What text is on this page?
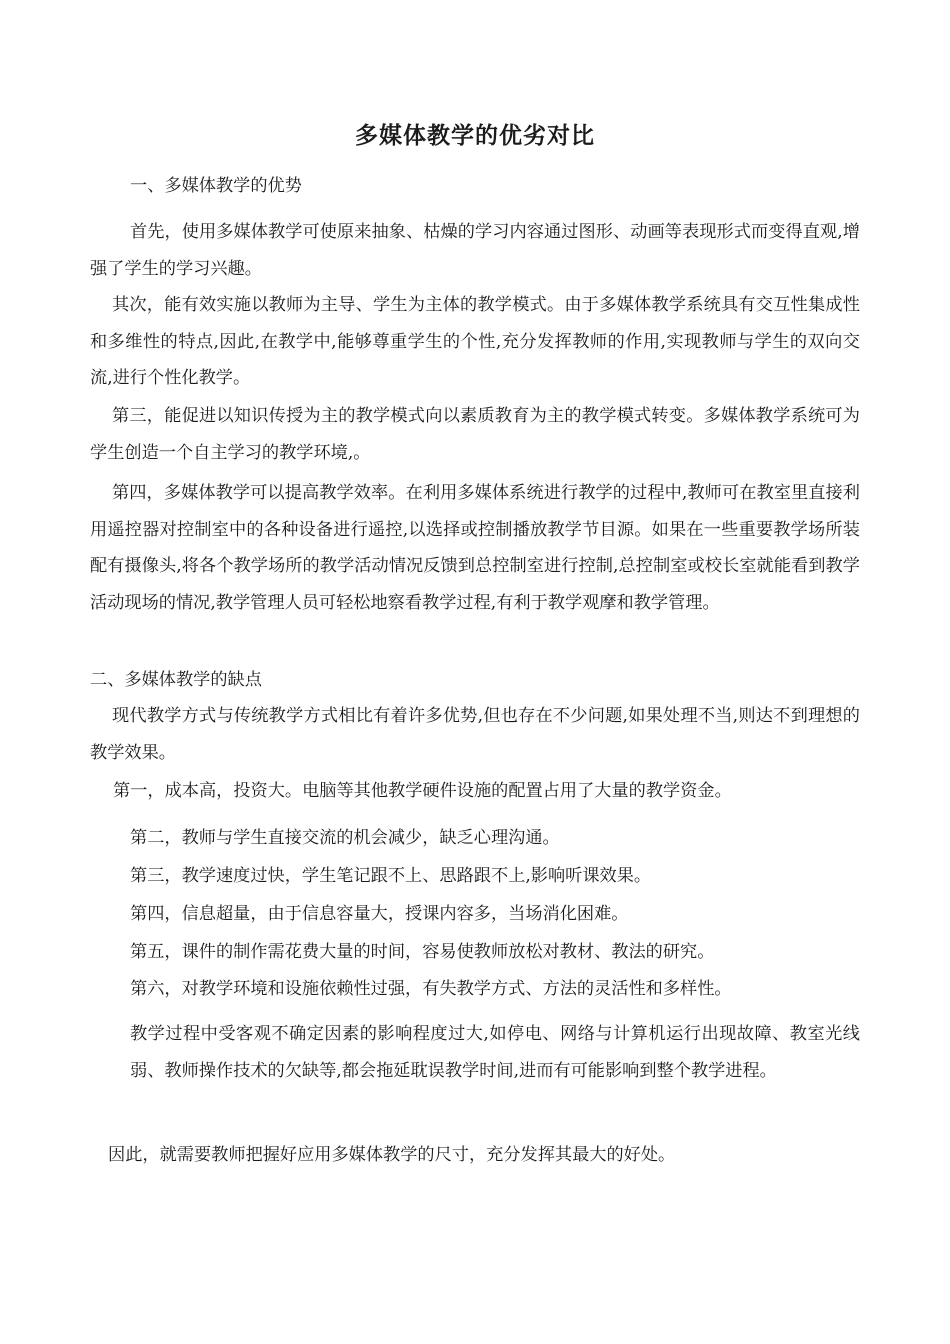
多媒体教学的优劣对比
一、多媒体教学的优势
首先，使用多媒体教学可使原来抽象、枯燥的学习内容通过图形、动画等表现形式而变得直观,增强了学生的学习兴趣。
其次，能有效实施以教师为主导、学生为主体的教学模式。由于多媒体教学系统具有交互性集成性和多维性的特点,因此,在教学中,能够尊重学生的个性,充分发挥教师的作用,实现教师与学生的双向交流,进行个性化教学。
第三，能促进以知识传授为主的教学模式向以素质教育为主的教学模式转变。多媒体教学系统可为学生创造一个自主学习的教学环境,。
第四，多媒体教学可以提高教学效率。在利用多媒体系统进行教学的过程中,教师可在教室里直接利用遥控器对控制室中的各种设备进行遥控,以选择或控制播放教学节目源。如果在一些重要教学场所装配有摄像头,将各个教学场所的教学活动情况反馈到总控制室进行控制,总控制室或校长室就能看到教学活动现场的情况,教学管理人员可轻松地察看教学过程,有利于教学观摩和教学管理。
二、多媒体教学的缺点
现代教学方式与传统教学方式相比有着许多优势,但也存在不少问题,如果处理不当,则达不到理想的教学效果。
第一，成本高，投资大。电脑等其他教学硬件设施的配置占用了大量的教学资金。
第二，教师与学生直接交流的机会减少，缺乏心理沟通。
第三，教学速度过快，学生笔记跟不上、思路跟不上,影响听课效果。
第四，信息超量，由于信息容量大，授课内容多，当场消化困难。
第五，课件的制作需花费大量的时间，容易使教师放松对教材、教法的研究。
第六，对教学环境和设施依赖性过强，有失教学方式、方法的灵活性和多样性。
教学过程中受客观不确定因素的影响程度过大,如停电、网络与计算机运行出现故障、教室光线弱、教师操作技术的欠缺等,都会拖延耽误教学时间,进而有可能影响到整个教学进程。
因此，就需要教师把握好应用多媒体教学的尺寸，充分发挥其最大的好处。
